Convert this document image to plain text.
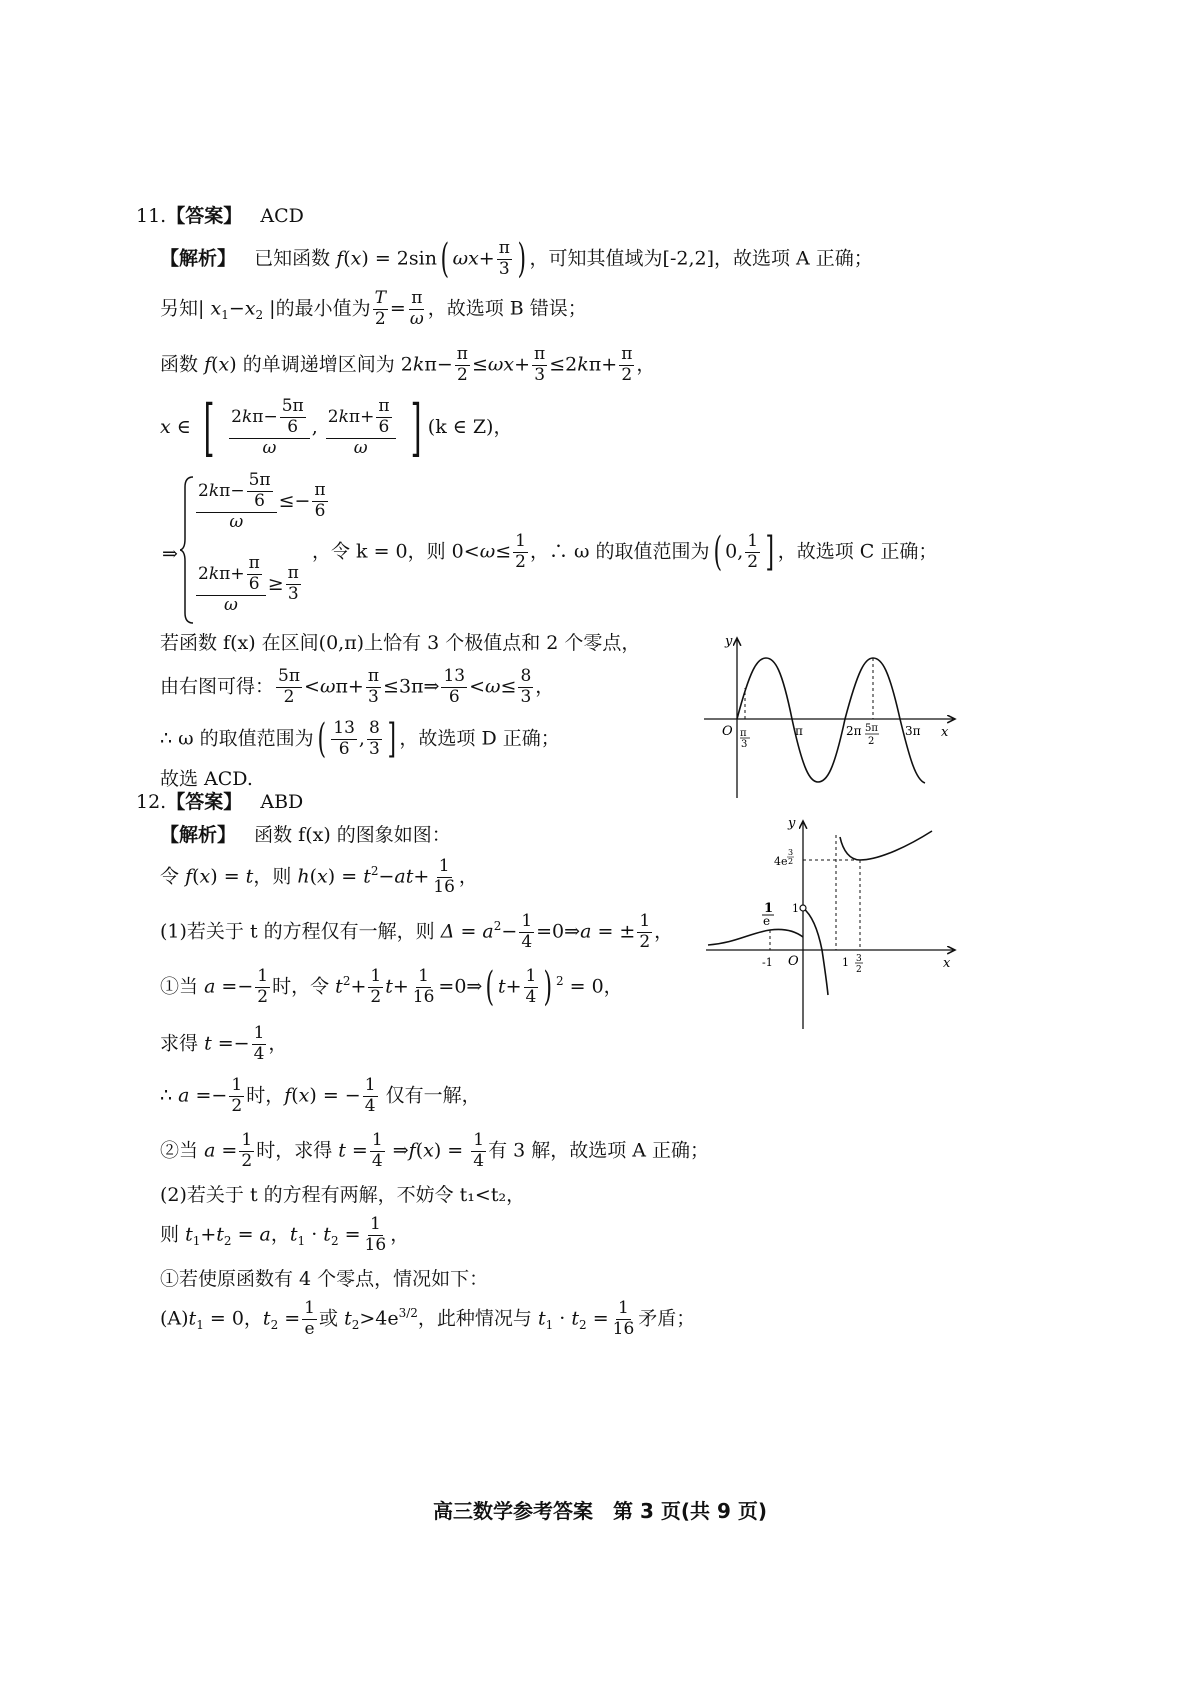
11.【答案】 ACD
【解析】 已知函数 f(x) = 2sin( $\omega x+ \frac{\pi}{3}$ ) ，可知其值域为[-2,2]，故选项 A 正确；
另知| $x_1-x_2$ |的最小值为 $\frac{T}{2} = \frac{\pi}{\omega}$ ，故选项 B 错误；
函数 f(x) 的单调递增区间为 $2k\pi- \frac{\pi}{2} \le\omega x+ \frac{\pi}{3} \le 2k\pi+ \frac{\pi}{2}$ ，
x ∈ [ $\frac{2k\pi- \frac{5\pi}{6}}{\omega}$ , $\frac{2k\pi+ \frac{\pi}{6}}{\omega}$ ] (k ∈ Z)，
⇒
$\frac{2k\pi- \frac{5\pi}{6}}{\omega} \le- \frac{\pi}{6}$
$\frac{2k\pi+ \frac{\pi}{6}}{\omega} \ge \frac{\pi}{3}$
，令 k = 0，则 $0<\omega\le \frac{1}{2}$ ，∴ ω 的取值范围为( 0, $\frac{1}{2}$ ] ，故选项 C 正确；
若函数 f(x) 在区间(0,π)上恰有 3 个极值点和 2 个零点，
由右图可得： $\frac{5\pi}{2} <\omega\pi+ \frac{\pi}{3}$ ≤3π⇒ $\frac{13}{6} <\omega\le \frac{8}{3}$ ，
∴ ω 的取值范围为( $\frac{13}{6}$ , $\frac{8}{3}$ ] ，故选项 D 正确；
故选 ACD.
y
x
O π
3
π	2π 5π
2
3π
12.【答案】 ABD
【解析】 函数 f(x) 的图象如图：
令 f(x) = t，则 $h(x) = t^2-at+ \frac{1}{16}$ ，
(1)若关于 t 的方程仅有一解，则 $\Delta = a^2- \frac{1}{4}$ =0⇒a = ± $\frac{1}{2}$ ，
①当 $a =- \frac{1}{2}$ 时，令 $t^2+ \frac{1}{2} t+ \frac{1}{16}$ =0⇒( $t+ \frac{1}{4}$ ) $^2$ = 0，
求得 $t =- \frac{1}{4}$ ，
∴ $a =- \frac{1}{2}$ 时，f(x) = − $\frac{1}{4}$ 仅有一解，
②当 $a = \frac{1}{2}$ 时，求得 $t = \frac{1}{4}$ ⇒f(x) = $\frac{1}{4}$ 有 3 解，故选项 A 正确；
(2)若关于 t 的方程有两解，不妨令 t₁<t₂，
则 $t_1+t_2 = a$，$t_1 \cdot t_2 = \frac{1}{16}$ ，
①若使原函数有 4 个零点，情况如下：
$(A)t_1 = 0$，$t_2 = \frac{1}{e}$ 或 $t_2>4e^{3/2}$，此种情况与 $t_1 \cdot t_2 = \frac{1}{16}$ 矛盾；
y
x
O
-1	1 3
2
1
1
e
4e
3
2
高三数学参考答案　第 3 页(共 9 页)
